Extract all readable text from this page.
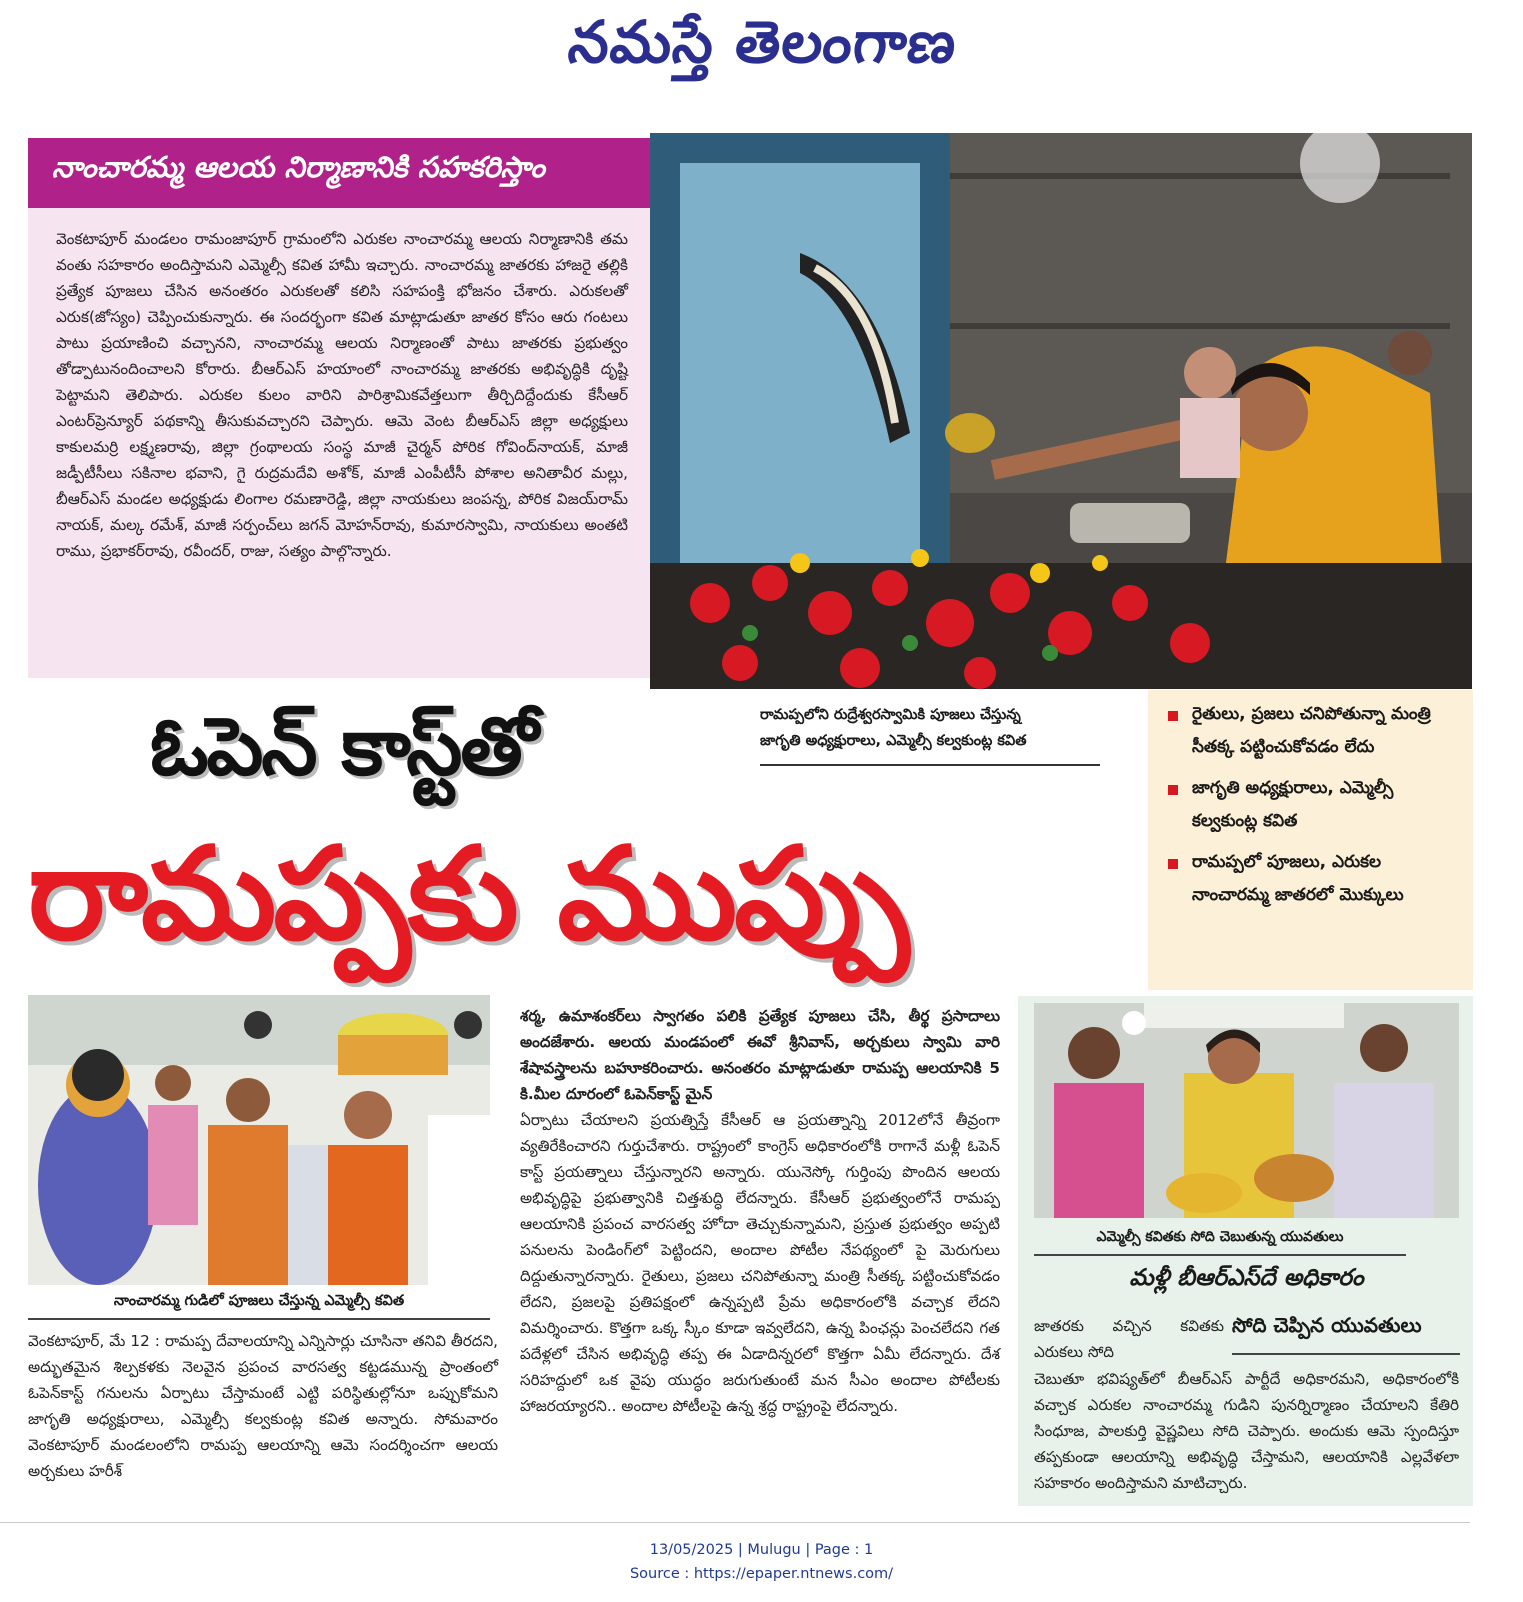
నమస్తే తెలంగాణ
నాంచారమ్మ ఆలయ నిర్మాణానికి సహకరిస్తాం
వెంకటాపూర్ మండలం రామంజాపూర్ గ్రామంలోని ఎరుకల నాంచారమ్మ ఆలయ నిర్మాణానికి తమ వంతు సహకారం అందిస్తామని ఎమ్మెల్సీ కవిత హామీ ఇచ్చారు. నాంచారమ్మ జాతరకు హాజరై తల్లికి ప్రత్యేక పూజలు చేసిన అనంతరం ఎరుకలతో కలిసి సహపంక్తి భోజనం చేశారు. ఎరుకలతో ఎరుక(జోస్యం) చెప్పించుకున్నారు. ఈ సందర్భంగా కవిత మాట్లాడుతూ జాతర కోసం ఆరు గంటలు పాటు ప్రయాణించి వచ్చానని, నాంచారమ్మ ఆలయ నిర్మాణంతో పాటు జాతరకు ప్రభుత్వం తోడ్పాటునందించాలని కోరారు. బీఆర్ఎస్ హయాంలో నాంచారమ్మ జాతరకు అభివృద్ధికి దృష్టి పెట్టామని తెలిపారు. ఎరుకల కులం వారిని పారిశ్రామికవేత్తలుగా తీర్చిదిద్దేందుకు కేసీఆర్ ఎంటర్‌ప్రెన్యూర్ పథకాన్ని తీసుకువచ్చారని చెప్పారు. ఆమె వెంట బీఆర్ఎస్ జిల్లా అధ్యక్షులు కాకులమర్రి లక్ష్మణరావు, జిల్లా గ్రంథాలయ సంస్థ మాజీ చైర్మన్ పోరిక గోవింద్‌నాయక్, మాజీ జడ్పీటీసీలు సకినాల భవాని, గై రుద్రమదేవి అశోక్, మాజీ ఎంపీటీసీ పోశాల అనితావీర మల్లు, బీఆర్ఎస్ మండల అధ్యక్షుడు లింగాల రమణారెడ్డి, జిల్లా నాయకులు జంపన్న, పోరిక విజయ్‌రామ్ నాయక్, మల్క రమేశ్, మాజీ సర్పంచ్‌లు జగన్ మోహన్‌రావు, కుమారస్వామి, నాయకులు అంతటి రాము, ప్రభాకర్‌రావు, రవీందర్, రాజు, సత్యం పాల్గొన్నారు.
ఓపెన్ కాస్ట్‌తో	రామప్పలోని రుద్రేశ్వరస్వామికి పూజలు చేస్తున్న
జాగృతి అధ్యక్షురాలు, ఎమ్మెల్సీ కల్వకుంట్ల కవిత
రామప్పకు ముప్పు
రైతులు, ప్రజలు చనిపోతున్నా మంత్రి సీతక్క పట్టించుకోవడం లేదు
జాగృతి అధ్యక్షురాలు, ఎమ్మెల్సీ కల్వకుంట్ల కవిత
రామప్పలో పూజలు, ఎరుకల నాంచారమ్మ జాతరలో మొక్కులు
నాంచారమ్మ గుడిలో పూజలు చేస్తున్న ఎమ్మెల్సీ కవిత
వెంకటాపూర్, మే 12 : రామప్ప దేవాలయాన్ని ఎన్నిసార్లు చూసినా తనివి తీరదని, అద్భుతమైన శిల్పకళకు నెలవైన ప్రపంచ వారసత్వ కట్టడమున్న ప్రాంతంలో ఓపెన్‌కాస్ట్ గనులను ఏర్పాటు చేస్తామంటే ఎట్టి పరిస్థితుల్లోనూ ఒప్పుకోమని జాగృతి అధ్యక్షురాలు, ఎమ్మెల్సీ కల్వకుంట్ల కవిత అన్నారు. సోమవారం వెంకటాపూర్ మండలంలోని రామప్ప ఆలయాన్ని ఆమె సందర్శించగా ఆలయ అర్చకులు హరీశ్
శర్మ, ఉమాశంకర్‌లు స్వాగతం పలికి ప్రత్యేక పూజలు చేసి, తీర్థ ప్రసాదాలు అందజేశారు. ఆలయ మండపంలో ఈవో శ్రీనివాస్, అర్చకులు స్వామి వారి శేషావస్త్రాలను బహూకరించారు. అనంతరం మాట్లాడుతూ రామప్ప ఆలయానికి 5 కి.మీల దూరంలో ఓపెన్‌కాస్ట్ మైన్
ఏర్పాటు చేయాలని ప్రయత్నిస్తే కేసీఆర్ ఆ ప్రయత్నాన్ని 2012లోనే తీవ్రంగా వ్యతిరేకించారని గుర్తుచేశారు. రాష్ట్రంలో కాంగ్రెస్ అధికారంలోకి రాగానే మళ్లీ ఓపెన్ కాస్ట్ ప్రయత్నాలు చేస్తున్నారని అన్నారు. యునెస్కో గుర్తింపు పొందిన ఆలయ అభివృద్ధిపై ప్రభుత్వానికి చిత్తశుద్ధి లేదన్నారు. కేసీఆర్ ప్రభుత్వంలోనే రామప్ప ఆలయానికి ప్రపంచ వారసత్వ హోదా తెచ్చుకున్నామని, ప్రస్తుత ప్రభుత్వం అప్పటి పనులను పెండింగ్‌లో పెట్టిందని, అందాల పోటీల నేపథ్యంలో పై మెరుగులు దిద్దుతున్నారన్నారు. రైతులు, ప్రజలు చనిపోతున్నా మంత్రి సీతక్క పట్టించుకోవడం లేదని, ప్రజలపై ప్రతిపక్షంలో ఉన్నప్పటి ప్రేమ అధికారంలోకి వచ్చాక లేదని విమర్శించారు. కొత్తగా ఒక్క స్కీం కూడా ఇవ్వలేదని, ఉన్న పింఛన్లు పెంచలేదని గత పదేళ్లలో చేసిన అభివృద్ధి తప్ప ఈ ఏడాదిన్నరలో కొత్తగా ఏమీ లేదన్నారు. దేశ సరిహద్దులో ఒక వైపు యుద్ధం జరుగుతుంటే మన సీఎం అందాల పోటీలకు హాజరయ్యారని.. అందాల పోటీలపై ఉన్న శ్రద్ధ రాష్ట్రంపై లేదన్నారు.
ఎమ్మెల్సీ కవితకు సోది చెబుతున్న యువతులు
మళ్లీ బీఆర్ఎస్‌దే అధికారం
జాతరకు వచ్చిన కవితకు ఎరుకలు సోది
సోది చెప్పిన యువతులు
చెబుతూ భవిష్యత్‌లో బీఆర్ఎస్ పార్టీదే అధికారమని, అధికారంలోకి వచ్చాక ఎరుకల నాంచారమ్మ గుడిని పునర్నిర్మాణం చేయాలని కేతిరి సింధూజ, పాలకుర్తి వైష్ణవిలు సోది చెప్పారు. అందుకు ఆమె స్పందిస్తూ తప్పకుండా ఆలయాన్ని అభివృద్ధి చేస్తామని, ఆలయానికి ఎల్లవేళలా సహకారం అందిస్తామని మాటిచ్చారు.
13/05/2025 | Mulugu | Page : 1
Source : https://epaper.ntnews.com/
